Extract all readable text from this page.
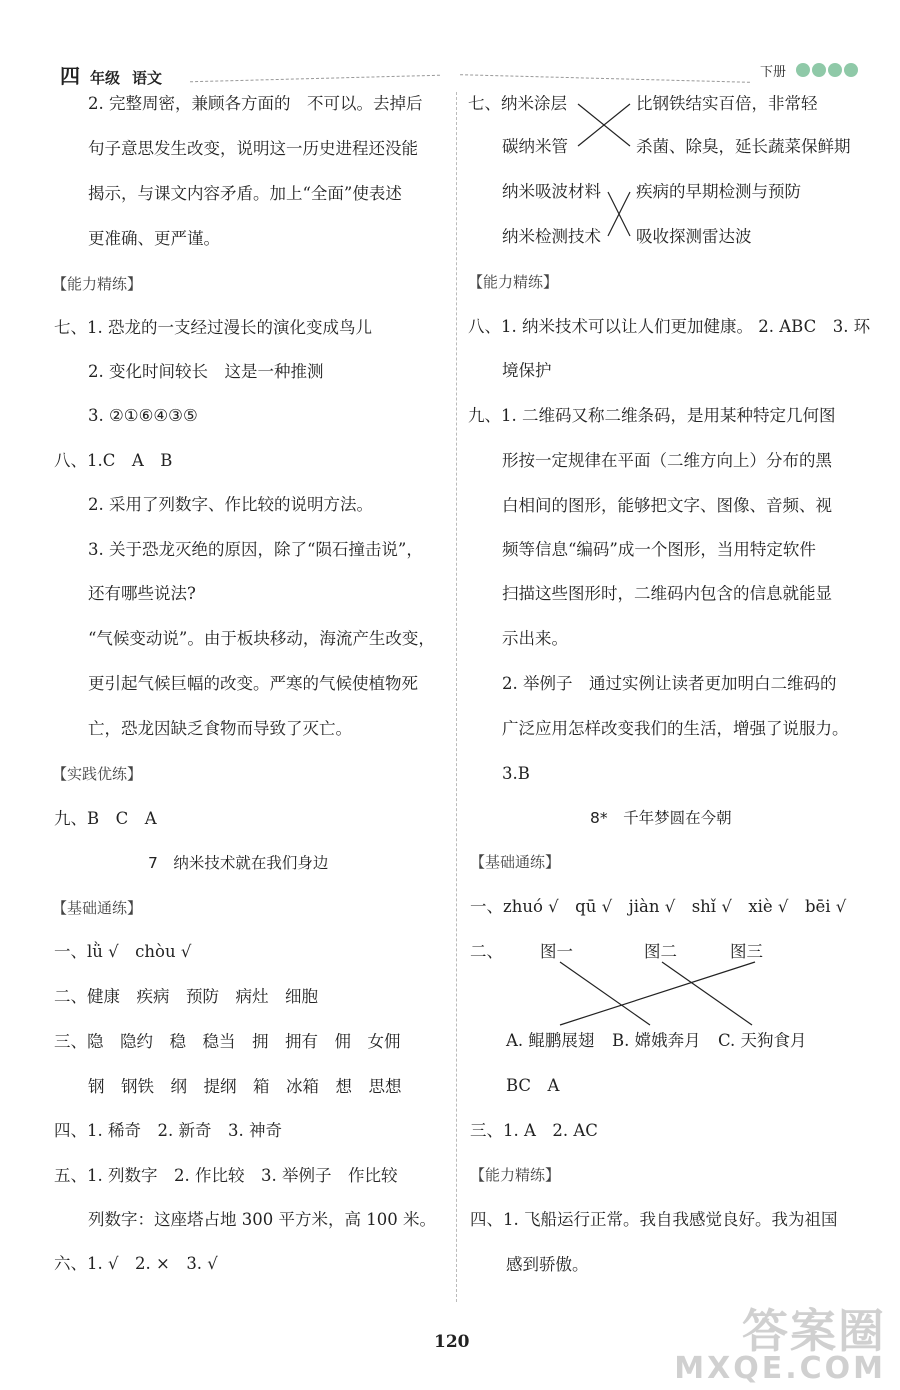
四 年级 语文	下册
2. 完整周密，兼顾各方面的　不可以。去掉后
句子意思发生改变，说明这一历史进程还没能
揭示，与课文内容矛盾。加上“全面”使表述
更准确、更严谨。
【能力精练】
七、1. 恐龙的一支经过漫长的演化变成鸟儿
2. 变化时间较长　这是一种推测
3. ②①⑥④③⑤
八、1.C　A　B
2. 采用了列数字、作比较的说明方法。
3. 关于恐龙灭绝的原因，除了“陨石撞击说”，
还有哪些说法?
“气候变动说”。由于板块移动，海流产生改变，
更引起气候巨幅的改变。严寒的气候使植物死
亡，恐龙因缺乏食物而导致了灭亡。
【实践优练】
九、B　C　A
7　纳米技术就在我们身边
【基础通练】
一、lǜ √　chòu √
二、健康　疾病　预防　病灶　细胞
三、隐　隐约　稳　稳当　拥　拥有　佣　女佣
钢　钢铁　纲　提纲　箱　冰箱　想　思想
四、1. 稀奇　2. 新奇　3. 神奇
五、1. 列数字　2. 作比较　3. 举例子　作比较
列数字：这座塔占地 300 平方米，高 100 米。
六、1. √　2. ×　3. √
七、纳米涂层	比钢铁结实百倍，非常轻
碳纳米管	杀菌、除臭，延长蔬菜保鲜期
纳米吸波材料 疾病的早期检测与预防
纳米检测技术 吸收探测雷达波
【能力精练】
八、1. 纳米技术可以让人们更加健康。 2. ABC　3. 环
境保护
九、1. 二维码又称二维条码，是用某种特定几何图
形按一定规律在平面（二维方向上）分布的黑
白相间的图形，能够把文字、图像、音频、视
频等信息“编码”成一个图形，当用特定软件
扫描这些图形时，二维码内包含的信息就能显
示出来。
2. 举例子　通过实例让读者更加明白二维码的
广泛应用怎样改变我们的生活，增强了说服力。
3.B
8*　千年梦圆在今朝
【基础通练】
一、zhuó √　qū √　jiàn √　shǐ √　xiè √　bēi √
二、 图一	图二	图三
A. 鲲鹏展翅 B. 嫦娥奔月 C. 天狗食月
BC　A
三、1. A　2. AC
【能力精练】
四、1. 飞船运行正常。我自我感觉良好。我为祖国
感到骄傲。
120	答案圈
MXQE.COM
